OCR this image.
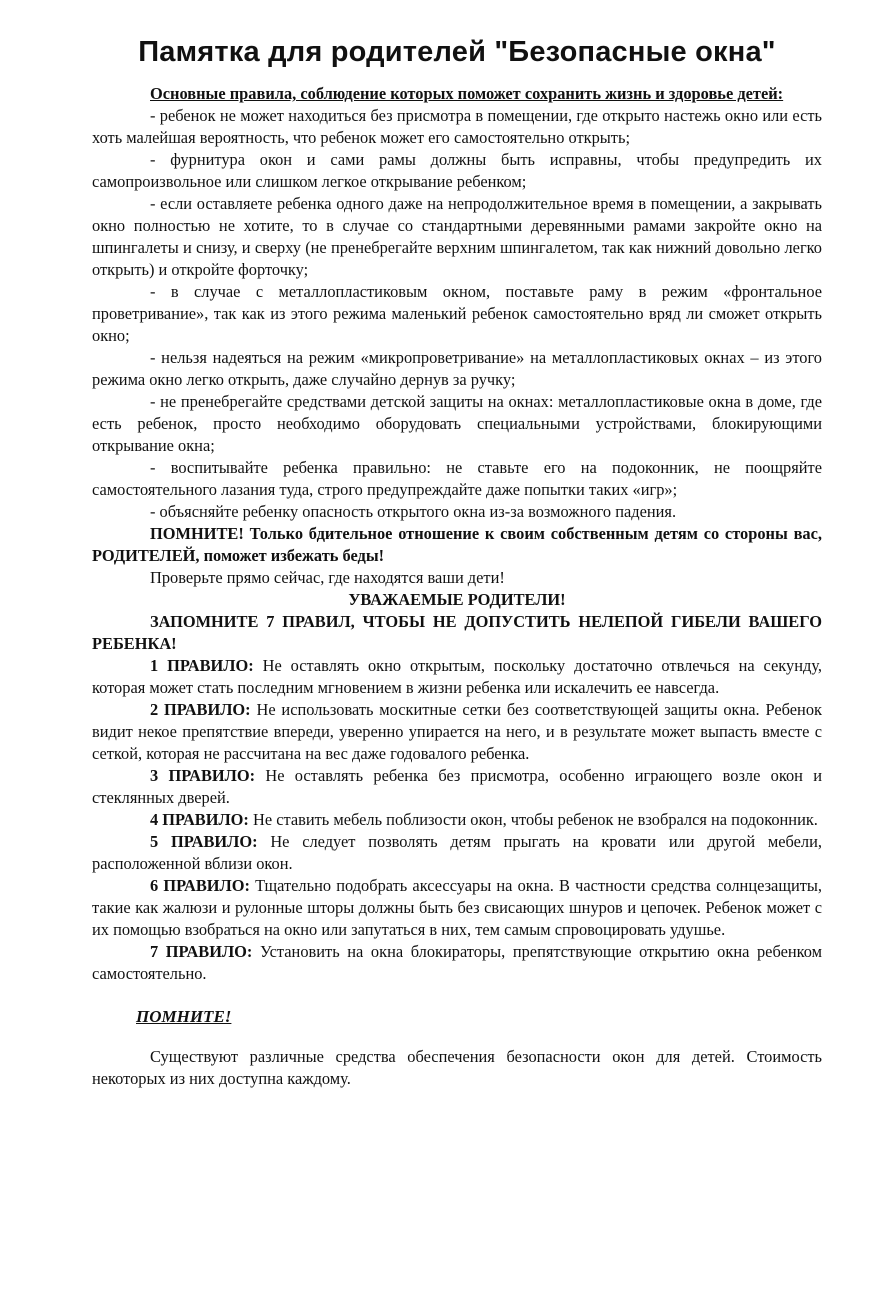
Памятка для родителей "Безопасные окна"

Основные правила, соблюдение которых поможет сохранить жизнь и здоровье детей:

- ребенок не может находиться без присмотра в помещении, где открыто настежь окно или есть хоть малейшая вероятность, что ребенок может его самостоятельно открыть;

- фурнитура окон и сами рамы должны быть исправны, чтобы предупредить их самопроизвольное или слишком легкое открывание ребенком;

- если оставляете ребенка одного даже на непродолжительное время в помещении, а закрывать окно полностью не хотите, то в случае со стандартными деревянными рамами закройте окно на шпингалеты и снизу, и сверху (не пренебрегайте верхним шпингалетом, так как нижний довольно легко открыть) и откройте форточку;

- в случае с металлопластиковым окном, поставьте раму в режим «фронтальное проветривание», так как из этого режима маленький ребенок самостоятельно вряд ли сможет открыть окно;

- нельзя надеяться на режим «микропроветривание» на металлопластиковых окнах – из этого режима окно легко открыть, даже случайно дернув за ручку;

- не пренебрегайте средствами детской защиты на окнах: металлопластиковые окна в доме, где есть ребенок, просто необходимо оборудовать специальными устройствами, блокирующими открывание окна;

- воспитывайте ребенка правильно: не ставьте его на подоконник, не поощряйте самостоятельного лазания туда, строго предупреждайте даже попытки таких «игр»;

- объясняйте ребенку опасность открытого окна из-за возможного падения.

ПОМНИТЕ! Только бдительное отношение к своим собственным детям со стороны вас, РОДИТЕЛЕЙ, поможет избежать беды!

Проверьте прямо сейчас, где находятся ваши дети!

УВАЖАЕМЫЕ РОДИТЕЛИ!

ЗАПОМНИТЕ 7 ПРАВИЛ, ЧТОБЫ НЕ ДОПУСТИТЬ НЕЛЕПОЙ ГИБЕЛИ ВАШЕГО РЕБЕНКА!

1 ПРАВИЛО: Не оставлять окно открытым, поскольку достаточно отвлечься на секунду, которая может стать последним мгновением в жизни ребенка или искалечить ее навсегда.

2 ПРАВИЛО: Не использовать москитные сетки без соответствующей защиты окна. Ребенок видит некое препятствие впереди, уверенно упирается на него, и в результате может выпасть вместе с сеткой, которая не рассчитана на вес даже годовалого ребенка.

3 ПРАВИЛО: Не оставлять ребенка без присмотра, особенно играющего возле окон и стеклянных дверей.

4 ПРАВИЛО: Не ставить мебель поблизости окон, чтобы ребенок не взобрался на подоконник.

5 ПРАВИЛО: Не следует позволять детям прыгать на кровати или другой мебели, расположенной вблизи окон.

6 ПРАВИЛО: Тщательно подобрать аксессуары на окна. В частности средства солнцезащиты, такие как жалюзи и рулонные шторы должны быть без свисающих шнуров и цепочек. Ребенок может с их помощью взобраться на окно или запутаться в них, тем самым спровоцировать удушье.

7 ПРАВИЛО: Установить на окна блокираторы, препятствующие открытию окна ребенком самостоятельно.

ПОМНИТЕ!

Существуют различные средства обеспечения безопасности окон для детей. Стоимость некоторых из них доступна каждому.
